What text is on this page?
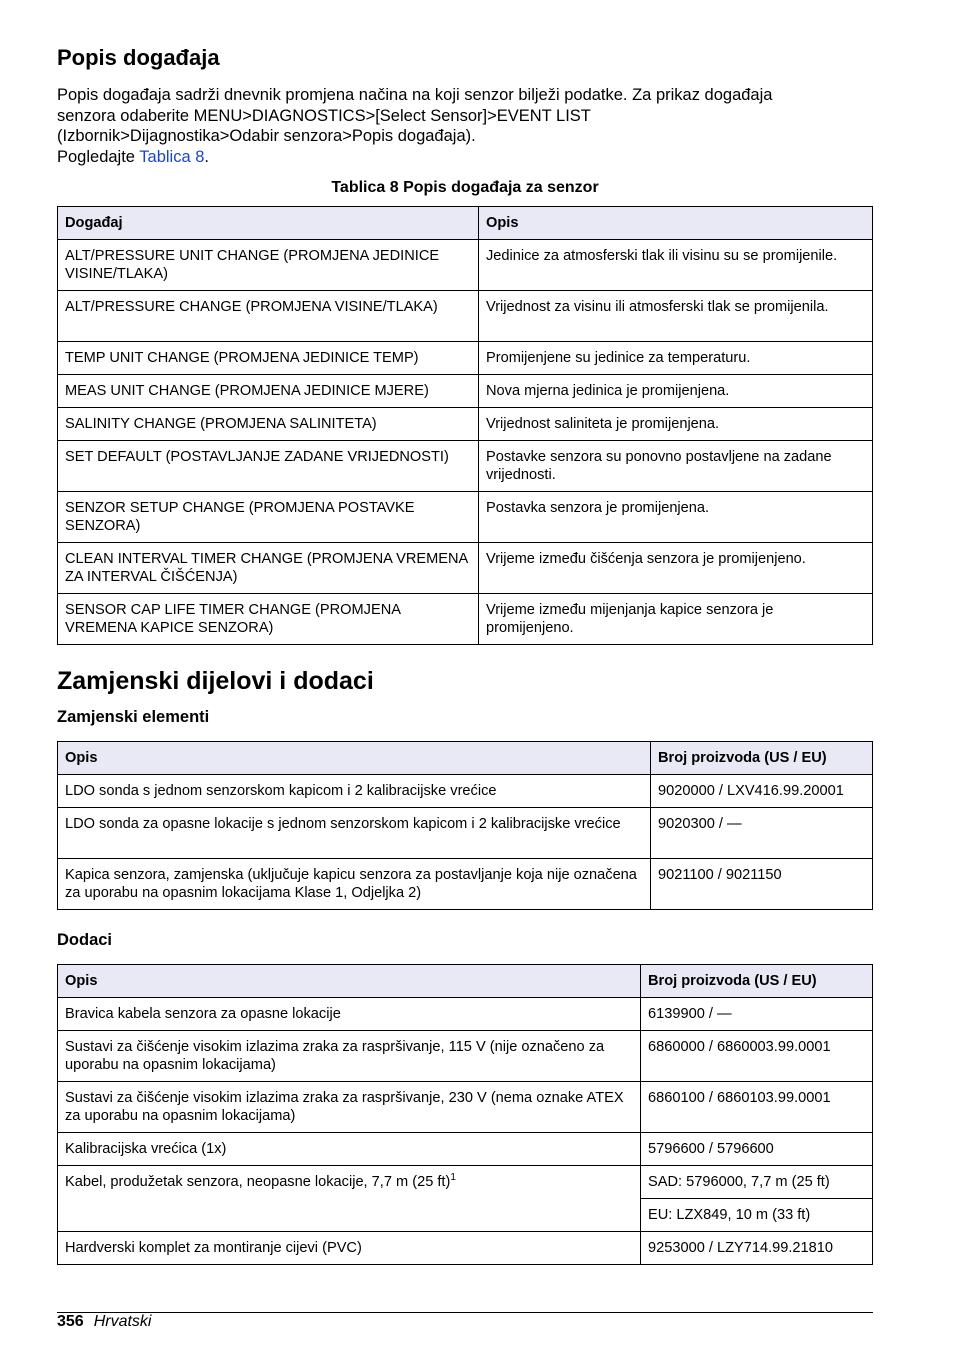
Popis događaja
Popis događaja sadrži dnevnik promjena načina na koji senzor bilježi podatke. Za prikaz događaja
senzora odaberite MENU>DIAGNOSTICS>[Select Sensor]>EVENT LIST
(Izbornik>Dijagnostika>Odabir senzora>Popis događaja).
Pogledajte Tablica 8.
Tablica 8 Popis događaja za senzor
Događaj	Opis
ALT/PRESSURE UNIT CHANGE (PROMJENA JEDINICE VISINE/TLAKA)	Jedinice za atmosferski tlak ili visinu su se promijenile.
ALT/PRESSURE CHANGE (PROMJENA VISINE/TLAKA)	Vrijednost za visinu ili atmosferski tlak se promijenila.
TEMP UNIT CHANGE (PROMJENA JEDINICE TEMP)	Promijenjene su jedinice za temperaturu.
MEAS UNIT CHANGE (PROMJENA JEDINICE MJERE)	Nova mjerna jedinica je promijenjena.
SALINITY CHANGE (PROMJENA SALINITETA)	Vrijednost saliniteta je promijenjena.
SET DEFAULT (POSTAVLJANJE ZADANE VRIJEDNOSTI)	Postavke senzora su ponovno postavljene na zadane vrijednosti.
SENZOR SETUP CHANGE (PROMJENA POSTAVKE SENZORA)	Postavka senzora je promijenjena.
CLEAN INTERVAL TIMER CHANGE (PROMJENA VREMENA ZA INTERVAL ČIŠĆENJA)	Vrijeme između čišćenja senzora je promijenjeno.
SENSOR CAP LIFE TIMER CHANGE (PROMJENA VREMENA KAPICE SENZORA)	Vrijeme između mijenjanja kapice senzora je promijenjeno.
Zamjenski dijelovi i dodaci
Zamjenski elementi
Opis	Broj proizvoda (US / EU)
LDO sonda s jednom senzorskom kapicom i 2 kalibracijske vrećice	9020000 / LXV416.99.20001
LDO sonda za opasne lokacije s jednom senzorskom kapicom i 2 kalibracijske vrećice	9020300 / —
Kapica senzora, zamjenska (uključuje kapicu senzora za postavljanje koja nije označena za uporabu na opasnim lokacijama Klase 1, Odjeljka 2)	9021100 / 9021150
Dodaci
Opis	Broj proizvoda (US / EU)
Bravica kabela senzora za opasne lokacije	6139900 / —
Sustavi za čišćenje visokim izlazima zraka za raspršivanje, 115 V (nije označeno za uporabu na opasnim lokacijama)	6860000 / 6860003.99.0001
Sustavi za čišćenje visokim izlazima zraka za raspršivanje, 230 V (nema oznake ATEX za uporabu na opasnim lokacijama)	6860100 / 6860103.99.0001
Kalibracijska vrećica (1x)	5796600 / 5796600
Kabel, produžetak senzora, neopasne lokacije, 7,7 m (25 ft)$^1$	SAD: 5796000, 7,7 m (25 ft)
	EU: LZX849, 10 m (33 ft)
Hardverski komplet za montiranje cijevi (PVC)	9253000 / LZY714.99.21810
356 Hrvatski
